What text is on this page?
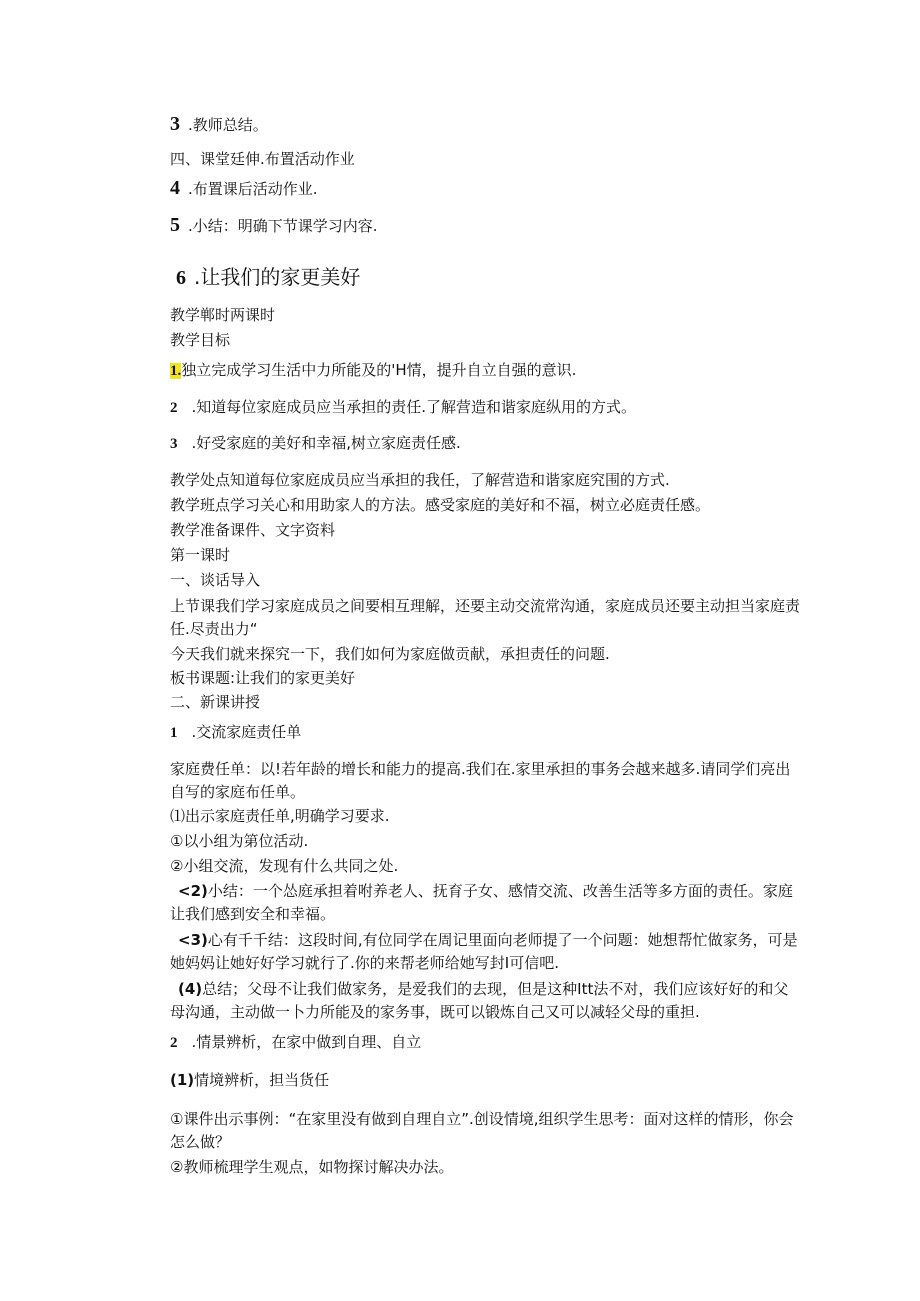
3 .教师总结。
四、课堂廷伸.布置活动作业
4 .布置课后活动作业.
5 .小结：明确下节课学习内容.
6 .让我们的家更美好
教学郸时两课时
教学目标
1.独立完成学习生活中力所能及的'H情，提升自立自强的意识.
2 .知道每位家庭成员应当承担的责任.了解营造和谐家庭纵用的方式。
3 .好受家庭的美好和幸福,树立家庭责任感.
教学处点知道每位家庭成员应当承担的我任，了解营造和谐家庭究围的方式.
教学班点学习关心和用助家人的方法。感受家庭的美好和不福，树立必庭责任感。
教学准备课件、文字资料
第一课时
一、谈话导入
上节课我们学习家庭成员之间要相互理解，还要主动交流常沟通，家庭成员还要主动担当家庭责任.尽责出力“
今天我们就来探究一下，我们如何为家庭做贡献，承担责任的问题.
板书课题:让我们的家更美好
二、新课讲授
1 .交流家庭责任单
家庭费任单：以!若年龄的增长和能力的提高.我们在.家里承担的事务会越来越多.请同学们亮出自写的家庭布任单。
⑴出示家庭责任单,明确学习要求.
①以小组为第位活动.
②小组交流，发现有什么共同之处.
<2)小结：一个怂庭承担着咐养老人、抚育子女、感情交流、改善生活等多方面的责任。家庭让我们感到安全和幸福。
<3)心有千千结：这段时间,有位同学在周记里面向老师提了一个问题：她想帮忙做家务，可是她妈妈让她好好学习就行了.你的来帮老师给她写封I可信吧.
(4)总结；父母不让我们做家务，是爱我们的去现，但是这种Itt法不对，我们应该好好的和父母沟通，主动做一卜力所能及的家务事，既可以锻炼自己又可以减轻父母的重担.
2 .情景辨析，在家中做到自理、自立
(1)情境辨析，担当货任
①课件出示事例：“在家里没有做到自理自立”.创设情境,组织学生思考：面对这样的情形，你会怎么做？
②教师梳理学生观点，如物探讨解决办法。
